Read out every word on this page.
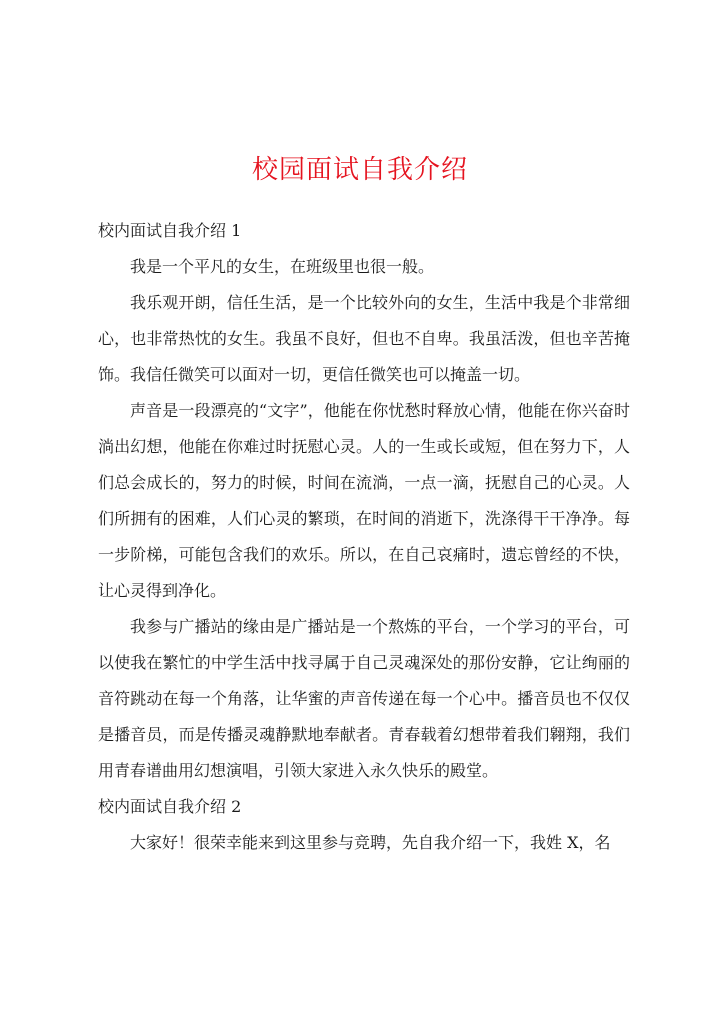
校园面试自我介绍
校内面试自我介绍 1

我是一个平凡的女生，在班级里也很一般。

我乐观开朗，信任生活，是一个比较外向的女生，生活中我是个非常细心，也非常热忱的女生。我虽不良好，但也不自卑。我虽活泼，但也辛苦掩饰。我信任微笑可以面对一切，更信任微笑也可以掩盖一切。

声音是一段漂亮的“文字”，他能在你忧愁时释放心情，他能在你兴奋时淌出幻想，他能在你难过时抚慰心灵。人的一生或长或短，但在努力下，人们总会成长的，努力的时候，时间在流淌，一点一滴，抚慰自己的心灵。人们所拥有的困难，人们心灵的繁琐，在时间的消逝下，洗涤得干干净净。每一步阶梯，可能包含我们的欢乐。所以，在自己哀痛时，遗忘曾经的不快，让心灵得到净化。

我参与广播站的缘由是广播站是一个熬炼的平台，一个学习的平台，可以使我在繁忙的中学生活中找寻属于自己灵魂深处的那份安静，它让绚丽的音符跳动在每一个角落，让华蜜的声音传递在每一个心中。播音员也不仅仅是播音员，而是传播灵魂静默地奉献者。青春载着幻想带着我们翱翔，我们用青春谱曲用幻想演唱，引领大家进入永久快乐的殿堂。

校内面试自我介绍 2

大家好！很荣幸能来到这里参与竞聘，先自我介绍一下，我姓 X，名
